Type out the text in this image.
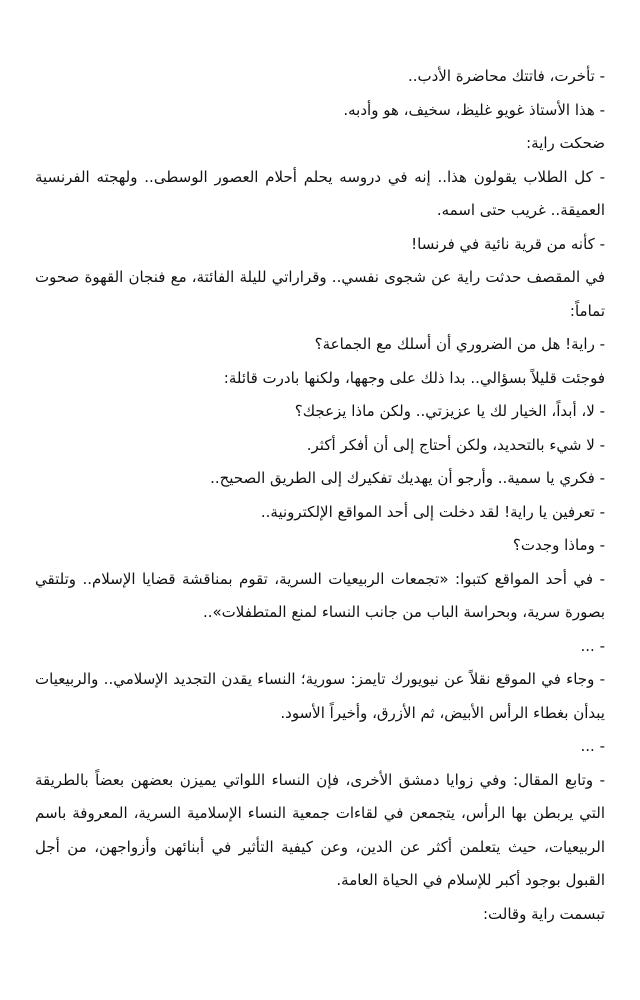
- تأخرت، فاتتك محاضرة الأدب..

- هذا الأستاذ غويو غليظ، سخيف، هو وأدبه.

ضحكت راية:

- كل الطلاب يقولون هذا.. إنه في دروسه يحلم أحلام العصور الوسطى.. ولهجته الفرنسية العميقة.. غريب حتى اسمه.

- كأنه من قرية نائية في فرنسا!

في المقصف حدثت راية عن شجوى نفسي.. وقراراتي لليلة الفائتة، مع فنجان القهوة صحوت تماماً:

- راية! هل من الضروري أن أسلك مع الجماعة؟

فوجئت قليلاً بسؤالي.. بدا ذلك على وجهها، ولكنها بادرت قائلة:

- لا، أبداً، الخيار لك يا عزيزتي.. ولكن ماذا يزعجك؟

- لا شيء بالتحديد، ولكن أحتاج إلى أن أفكر أكثر.

- فكري يا سمية.. وأرجو أن يهديك تفكيرك إلى الطريق الصحيح..

- تعرفين يا راية! لقد دخلت إلى أحد المواقع الإلكترونية..

- وماذا وجدت؟

- في أحد المواقع كتبوا: «تجمعات الربيعيات السرية، تقوم بمناقشة قضايا الإسلام.. وتلتقي بصورة سرية، وبحراسة الباب من جانب النساء لمنع المتطفلات»..

- ...

- وجاء في الموقع نقلاً عن نيويورك تايمز: سورية؛ النساء يقدن التجديد الإسلامي.. والربيعيات يبدأن بغطاء الرأس الأبيض، ثم الأزرق، وأخيراً الأسود.

- ...

- وتابع المقال: وفي زوايا دمشق الأخرى، فإن النساء اللواتي يميزن بعضهن بعضاً بالطريقة التي يربطن بها الرأس، يتجمعن في لقاءات جمعية النساء الإسلامية السرية، المعروفة باسم الربيعيات، حيث يتعلمن أكثر عن الدين، وعن كيفية التأثير في أبنائهن وأزواجهن، من أجل القبول بوجود أكبر للإسلام في الحياة العامة.

تبسمت راية وقالت:
